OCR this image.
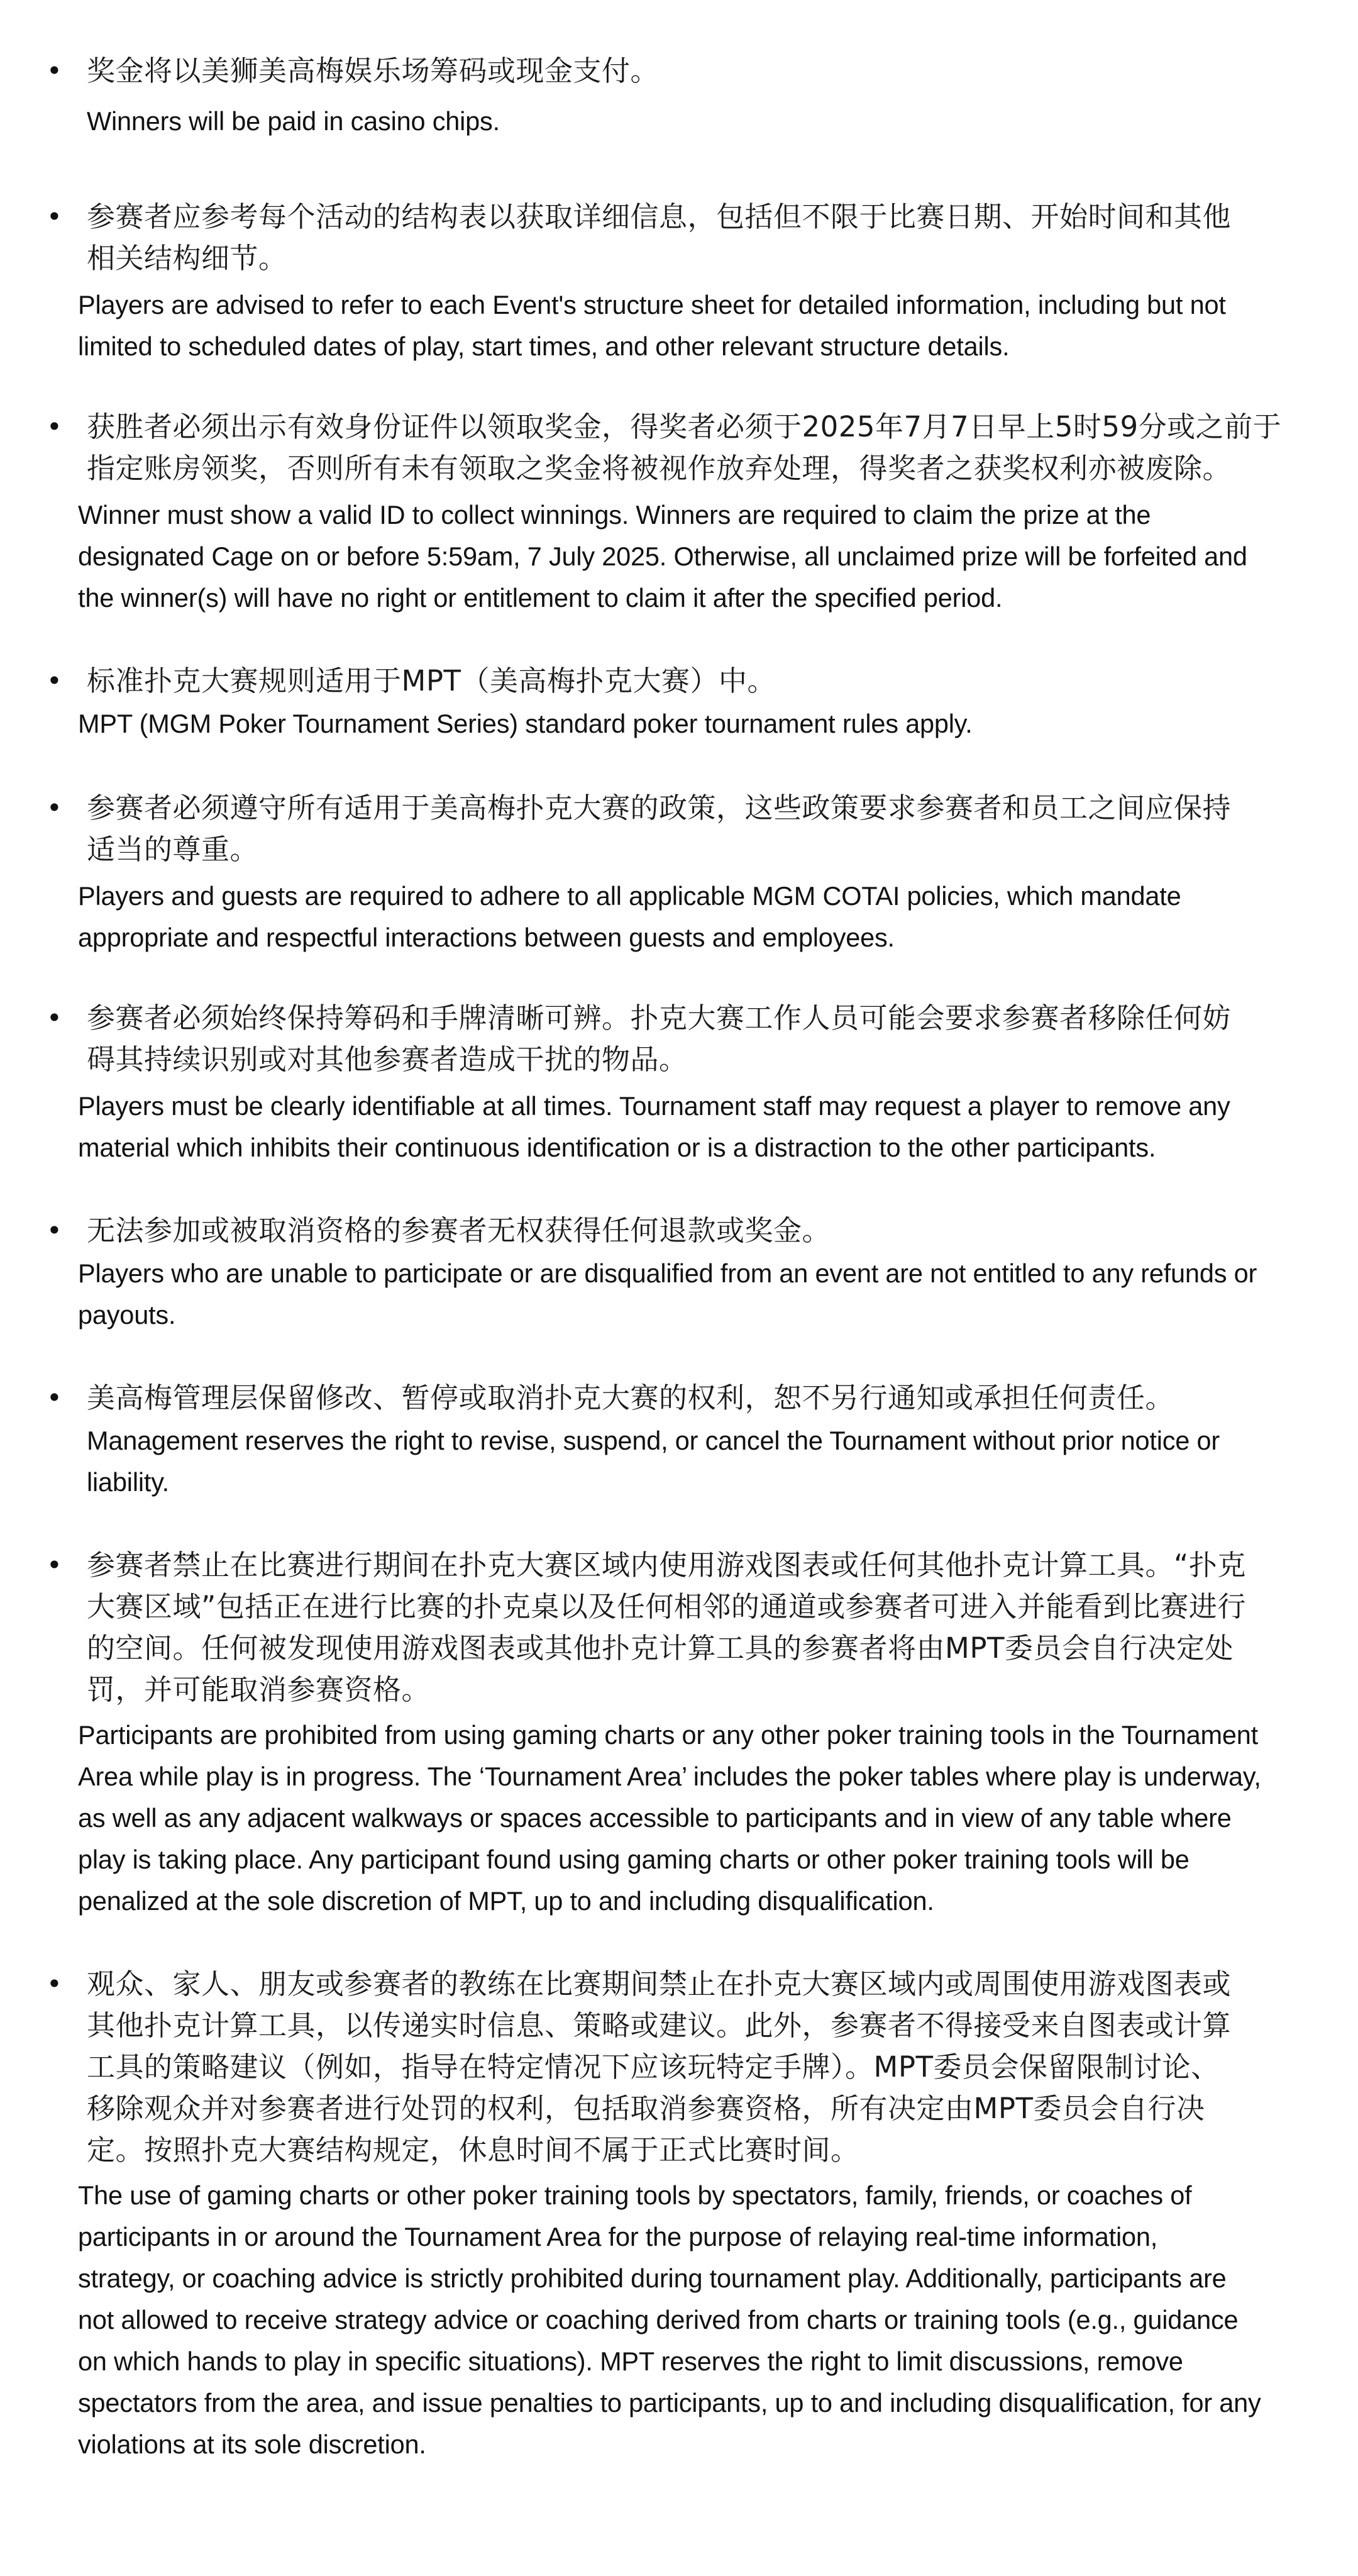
• 奖金将以美狮美高梅娱乐场筹码或现金支付。
Winners will be paid in casino chips.
• 参赛者应参考每个活动的结构表以获取详细信息，包括但不限于比赛日期、开始时间和其他
相关结构细节。
Players are advised to refer to each Event's structure sheet for detailed information, including but not
limited to scheduled dates of play, start times, and other relevant structure details.
• 获胜者必须出示有效身份证件以领取奖金，得奖者必须于2025年7月7日早上5时59分或之前于
指定账房领奖，否则所有未有领取之奖金将被视作放弃处理，得奖者之获奖权利亦被废除。
Winner must show a valid ID to collect winnings. Winners are required to claim the prize at the
designated Cage on or before 5:59am, 7 July 2025. Otherwise, all unclaimed prize will be forfeited and
the winner(s) will have no right or entitlement to claim it after the specified period.
• 标准扑克大赛规则适用于MPT（美高梅扑克大赛）中。
MPT (MGM Poker Tournament Series) standard poker tournament rules apply.
• 参赛者必须遵守所有适用于美高梅扑克大赛的政策，这些政策要求参赛者和员工之间应保持
适当的尊重。
Players and guests are required to adhere to all applicable MGM COTAI policies, which mandate
appropriate and respectful interactions between guests and employees.
• 参赛者必须始终保持筹码和手牌清晰可辨。扑克大赛工作人员可能会要求参赛者移除任何妨
碍其持续识别或对其他参赛者造成干扰的物品。
Players must be clearly identifiable at all times. Tournament staff may request a player to remove any
material which inhibits their continuous identification or is a distraction to the other participants.
• 无法参加或被取消资格的参赛者无权获得任何退款或奖金。
Players who are unable to participate or are disqualified from an event are not entitled to any refunds or
payouts.
• 美高梅管理层保留修改、暂停或取消扑克大赛的权利，恕不另行通知或承担任何责任。
Management reserves the right to revise, suspend, or cancel the Tournament without prior notice or
liability.
• 参赛者禁止在比赛进行期间在扑克大赛区域内使用游戏图表或任何其他扑克计算工具。“扑克
大赛区域”包括正在进行比赛的扑克桌以及任何相邻的通道或参赛者可进入并能看到比赛进行
的空间。任何被发现使用游戏图表或其他扑克计算工具的参赛者将由MPT委员会自行决定处
罚，并可能取消参赛资格。
Participants are prohibited from using gaming charts or any other poker training tools in the Tournament
Area while play is in progress. The ‘Tournament Area’ includes the poker tables where play is underway,
as well as any adjacent walkways or spaces accessible to participants and in view of any table where
play is taking place. Any participant found using gaming charts or other poker training tools will be
penalized at the sole discretion of MPT, up to and including disqualification.
• 观众、家人、朋友或参赛者的教练在比赛期间禁止在扑克大赛区域内或周围使用游戏图表或
其他扑克计算工具，以传递实时信息、策略或建议。此外，参赛者不得接受来自图表或计算
工具的策略建议（例如，指导在特定情况下应该玩特定手牌）。MPT委员会保留限制讨论、
移除观众并对参赛者进行处罚的权利，包括取消参赛资格，所有决定由MPT委员会自行决
定。按照扑克大赛结构规定，休息时间不属于正式比赛时间。
The use of gaming charts or other poker training tools by spectators, family, friends, or coaches of
participants in or around the Tournament Area for the purpose of relaying real-time information,
strategy, or coaching advice is strictly prohibited during tournament play. Additionally, participants are
not allowed to receive strategy advice or coaching derived from charts or training tools (e.g., guidance
on which hands to play in specific situations). MPT reserves the right to limit discussions, remove
spectators from the area, and issue penalties to participants, up to and including disqualification, for any
violations at its sole discretion.
